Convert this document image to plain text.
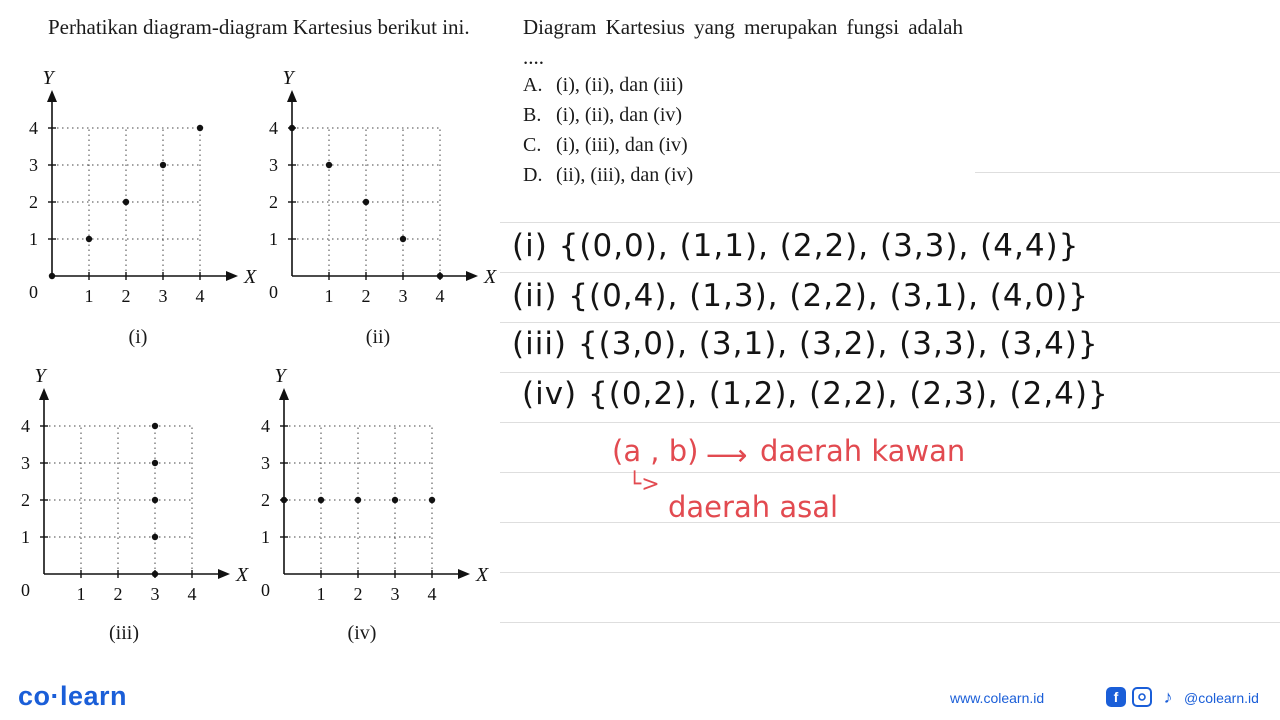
Perhatikan diagram-diagram Kartesius berikut ini.
1 2 3 4
1
2
3
4
0
X
Y
(i)
1 2 3 4
1
2
3
4
0
X
Y
(ii)
1 2 3 4
1
2
3
4
0
X
Y
(iii)
1 2 3 4
1
2
3
4
0
X
Y
(iv)
Diagram Kartesius yang merupakan fungsi adalah ....
A. (i), (ii), dan (iii)
B. (i), (ii), dan (iv)
C. (i), (iii), dan (iv)
D. (ii), (iii), dan (iv)
(i) {(0,0), (1,1), (2,2), (3,3), (4,4)}
(ii) {(0,4), (1,3), (2,2), (3,1), (4,0)}
(iii) {(3,0), (3,1), (3,2), (3,3), (3,4)}
(iv) {(0,2), (1,2), (2,2), (2,3), (2,4)}
(a , b) ⟶ daerah kawan
└>
daerah asal
co·learn	www.colearn.id	f	♪ @colearn.id
